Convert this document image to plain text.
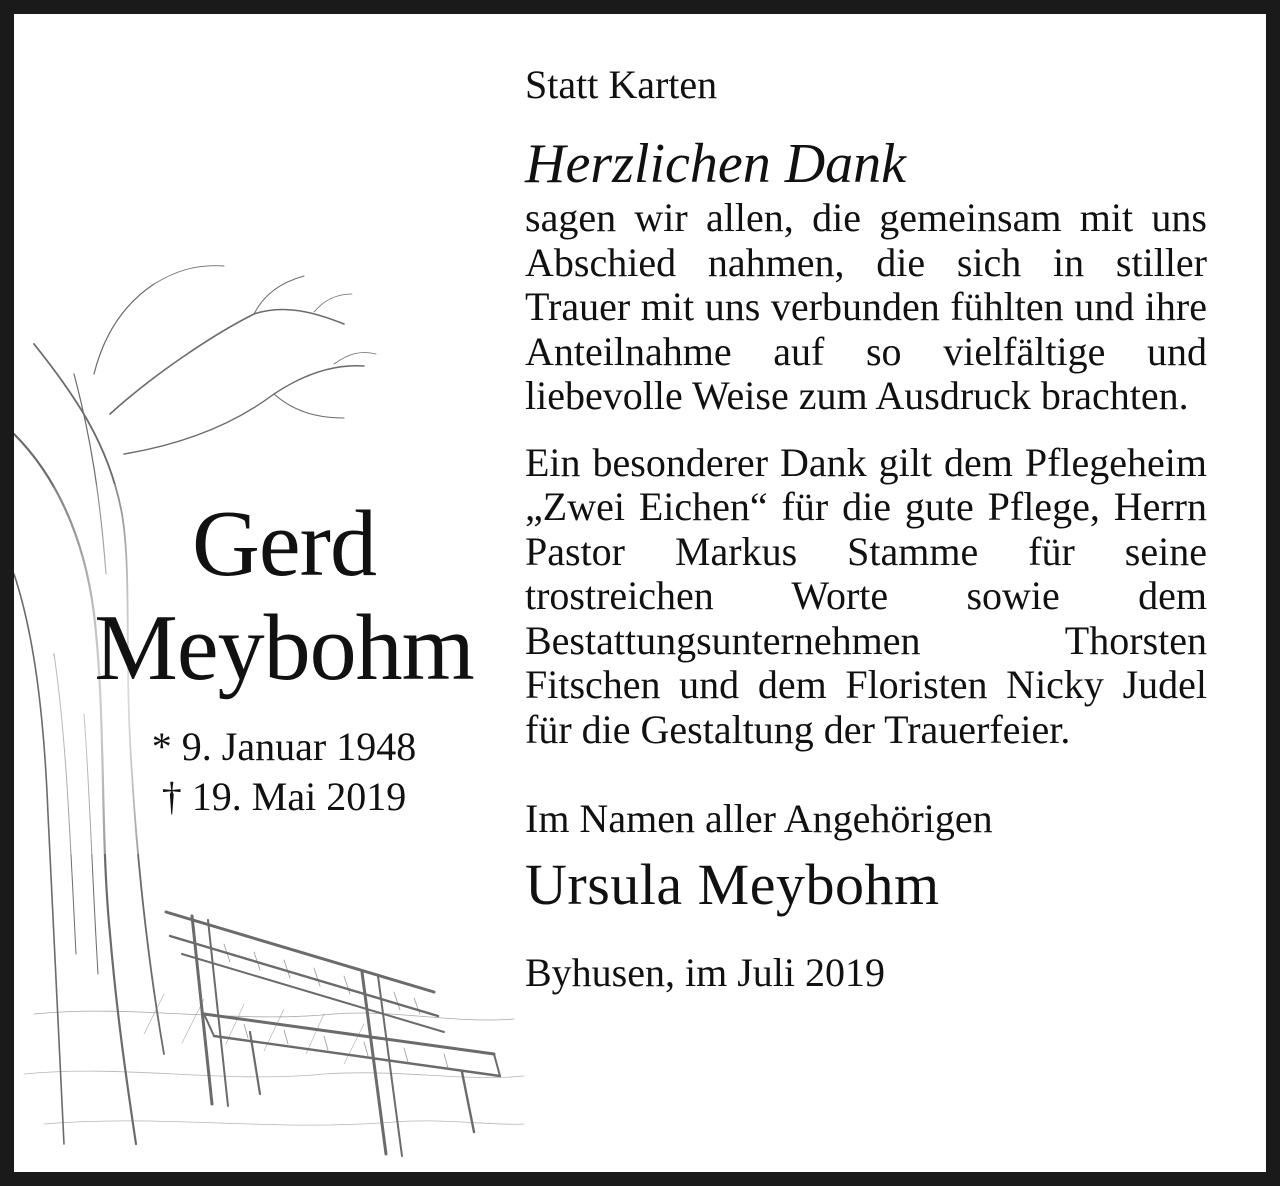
Gerd
Meybohm
* 9. Januar 1948
† 19. Mai 2019

Statt Karten

Herzlichen Dank

sagen wir allen, die gemeinsam mit uns Abschied nahmen, die sich in stiller Trauer mit uns verbunden fühlten und ihre Anteilnahme auf so vielfältige und liebevolle Weise zum Ausdruck brachten.

Ein besonderer Dank gilt dem Pflegeheim „Zwei Eichen“ für die gute Pflege, Herrn Pastor Markus Stamme für seine trostreichen Worte sowie dem Bestattungsunternehmen Thorsten Fitschen und dem Floristen Nicky Judel für die Gestaltung der Trauerfeier.

Im Namen aller Angehörigen

Ursula Meybohm

Byhusen, im Juli 2019
